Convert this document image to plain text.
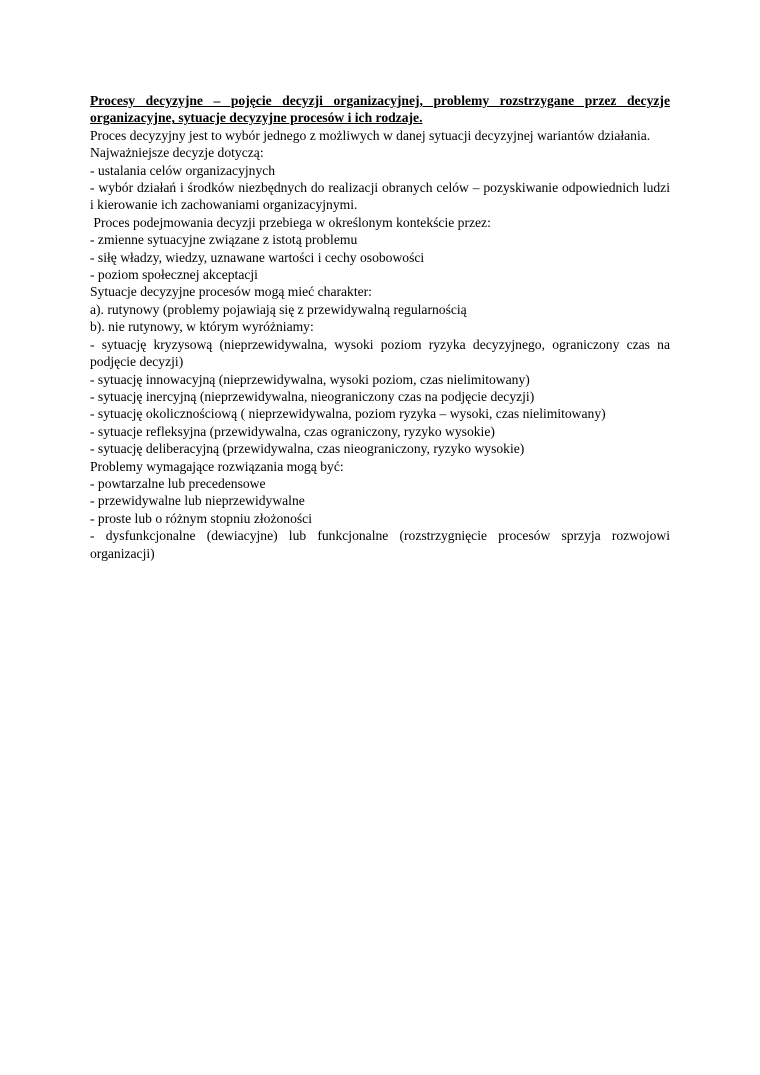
Procesy decyzyjne – pojęcie decyzji organizacyjnej, problemy rozstrzygane przez decyzje organizacyjne, sytuacje decyzyjne procesów i ich rodzaje.

Proces decyzyjny jest to wybór jednego z możliwych w danej sytuacji decyzyjnej wariantów działania.

Najważniejsze decyzje dotyczą:

- ustalania celów organizacyjnych

- wybór działań i środków niezbędnych do realizacji obranych celów – pozyskiwanie odpowiednich ludzi i kierowanie ich zachowaniami organizacyjnymi.

Proces podejmowania decyzji przebiega w określonym kontekście przez:

- zmienne sytuacyjne związane z istotą problemu

- siłę władzy, wiedzy, uznawane wartości i cechy osobowości

- poziom społecznej akceptacji

Sytuacje decyzyjne procesów mogą mieć charakter:

a). rutynowy (problemy pojawiają się z przewidywalną regularnością

b). nie rutynowy, w którym wyróżniamy:

- sytuację kryzysową (nieprzewidywalna, wysoki poziom ryzyka decyzyjnego, ograniczony czas na podjęcie decyzji)

- sytuację innowacyjną (nieprzewidywalna, wysoki poziom, czas nielimitowany)

- sytuację inercyjną (nieprzewidywalna, nieograniczony czas na podjęcie decyzji)

- sytuację okolicznościową ( nieprzewidywalna, poziom ryzyka – wysoki, czas nielimitowany)

- sytuacje refleksyjna (przewidywalna, czas ograniczony, ryzyko wysokie)

- sytuację deliberacyjną (przewidywalna, czas nieograniczony, ryzyko wysokie)

Problemy wymagające rozwiązania mogą być:

- powtarzalne lub precedensowe

- przewidywalne lub nieprzewidywalne

- proste lub o różnym stopniu złożoności

- dysfunkcjonalne (dewiacyjne) lub funkcjonalne (rozstrzygnięcie procesów sprzyja rozwojowi organizacji)
